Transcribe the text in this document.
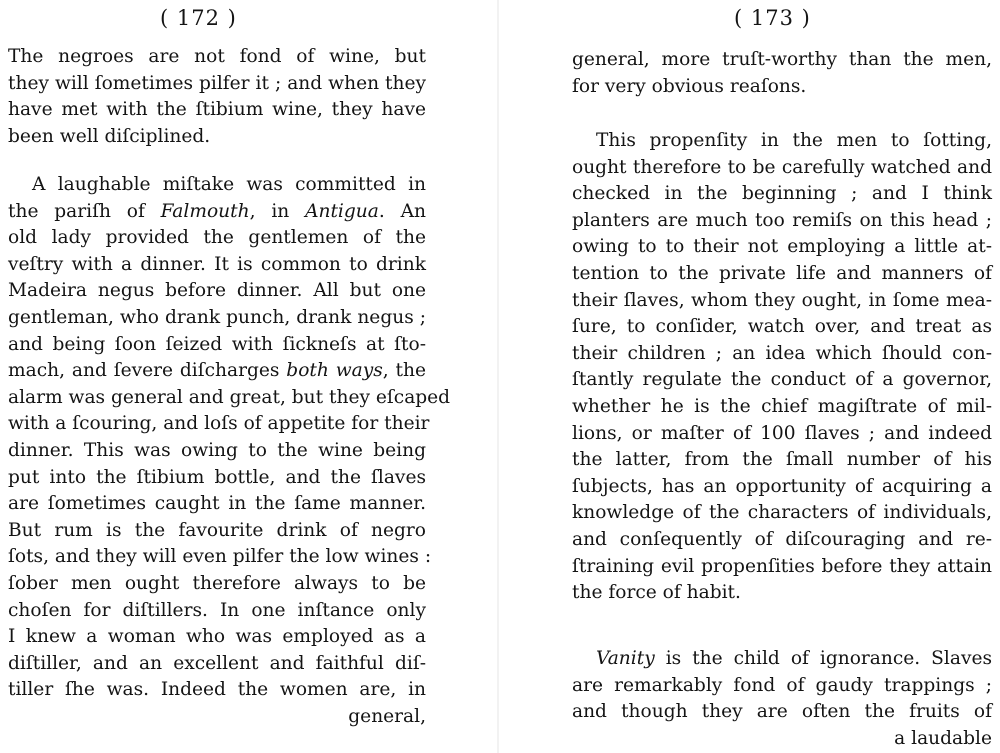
( 172 )
The negroes are not fond of wine, but
they will ſometimes pilfer it ; and when they
have met with the ſtibium wine, they have
been well diſciplined.
A laughable miſtake was committed in
the pariſh of Falmouth, in Antigua. An
old lady provided the gentlemen of the
veſtry with a dinner. It is common to drink
Madeira negus before dinner. All but one
gentleman, who drank punch, drank negus ;
and being ſoon ſeized with ſickneſs at ſto-
mach, and ſevere diſcharges both ways, the
alarm was general and great, but they eſcaped
with a ſcouring, and loſs of appetite for their
dinner. This was owing to the wine being
put into the ſtibium bottle, and the ſlaves
are ſometimes caught in the ſame manner.
But rum is the favourite drink of negro
ſots, and they will even pilfer the low wines :
ſober men ought therefore always to be
choſen for diſtillers. In one inſtance only
I knew a woman who was employed as a
diſtiller, and an excellent and faithful diſ-
tiller ſhe was. Indeed the women are, in
general,
( 173 )
general, more truſt-worthy than the men,
for very obvious reaſons.
This propenſity in the men to ſotting,
ought therefore to be carefully watched and
checked in the beginning ; and I think
planters are much too remiſs on this head ;
owing to to their not employing a little at-
tention to the private life and manners of
their ſlaves, whom they ought, in ſome mea-
ſure, to conſider, watch over, and treat as
their children ; an idea which ſhould con-
ſtantly regulate the conduct of a governor,
whether he is the chief magiſtrate of mil-
lions, or maſter of 100 ſlaves ; and indeed
the latter, from the ſmall number of his
ſubjects, has an opportunity of acquiring a
knowledge of the characters of individuals,
and conſequently of diſcouraging and re-
ſtraining evil propenſities before they attain
the force of habit.
Vanity is the child of ignorance. Slaves
are remarkably fond of gaudy trappings ;
and though they are often the fruits of
a laudable
